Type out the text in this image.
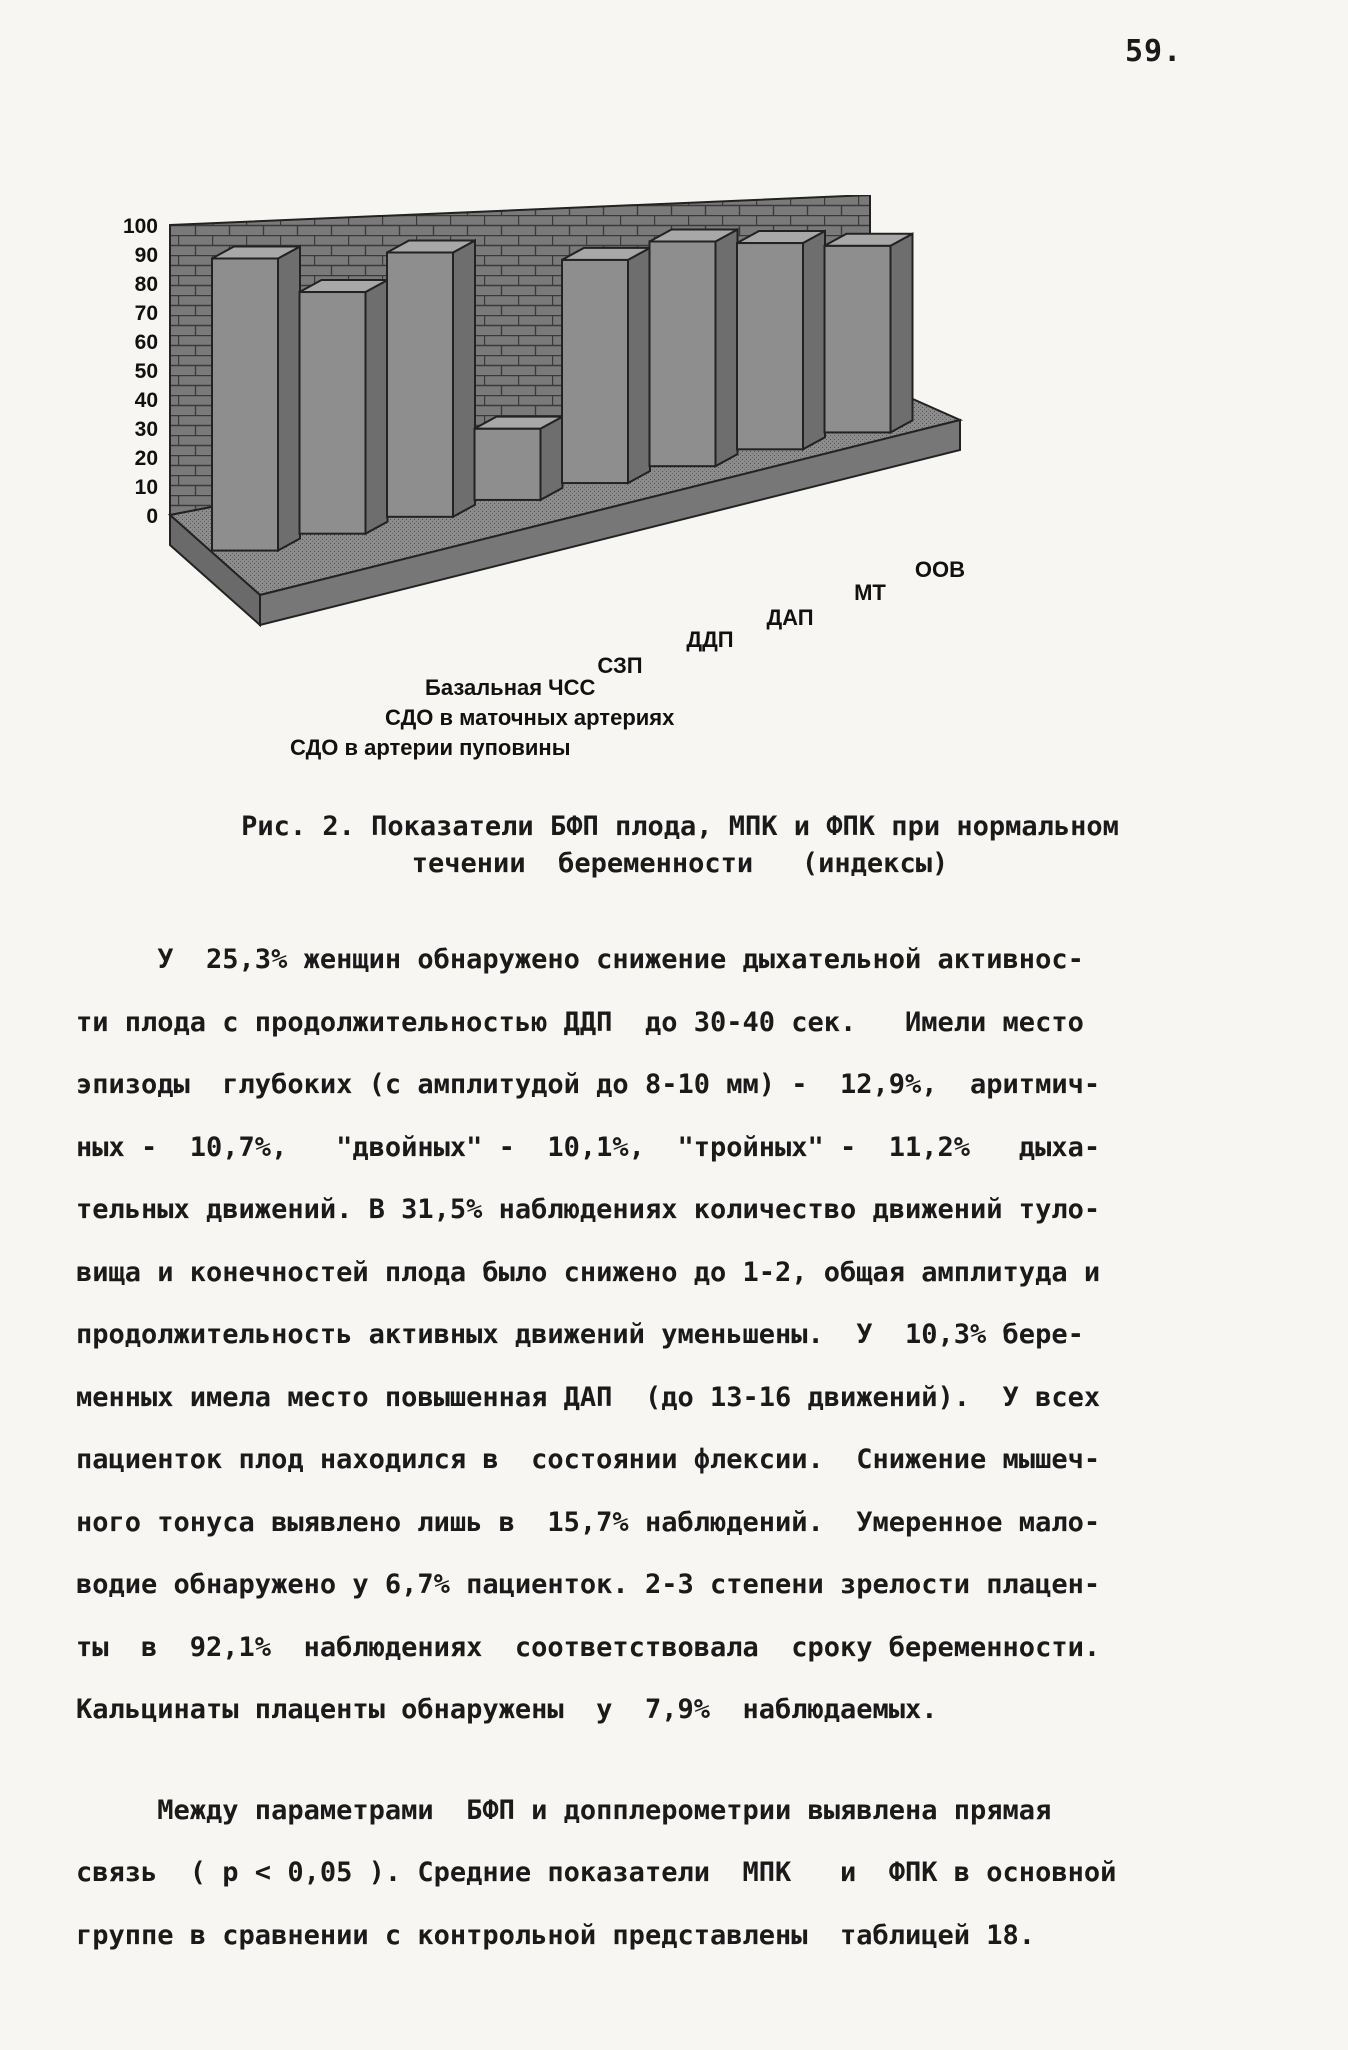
59.
100
90
80
70
60
50
40
30
20
10
0
СДО в артерии пуповины
СДО в маточных артериях
Базальная ЧСС
СЗП
ДДП
ДАП
МТ
ООВ
Рис. 2. Показатели БФП плода, МПК и ФПК при нормальном
течении  беременности   (индексы)
У  25,3% женщин обнаружено снижение дыхательной активнос-
ти плода с продолжительностью ДДП  до 30-40 сек.   Имели место
эпизоды  глубоких (с амплитудой до 8-10 мм) -  12,9%,  аритмич-
ных -  10,7%,   "двойных" -  10,1%,  "тройных" -  11,2%   дыха-
тельных движений. В 31,5% наблюдениях количество движений туло-
вища и конечностей плода было снижено до 1-2, общая амплитуда и
продолжительность активных движений уменьшены.  У  10,3% бере-
менных имела место повышенная ДАП  (до 13-16 движений).  У всех
пациенток плод находился в  состоянии флексии.  Снижение мышеч-
ного тонуса выявлено лишь в  15,7% наблюдений.  Умеренное мало-
водие обнаружено у 6,7% пациенток. 2-3 степени зрелости плацен-
ты  в  92,1%  наблюдениях  соответствовала  сроку беременности.
Кальцинаты плаценты обнаружены  у  7,9%  наблюдаемых.
Между параметрами  БФП и допплерометрии выявлена прямая
связь  ( р < 0,05 ). Средние показатели  МПК   и  ФПК в основной
группе в сравнении с контрольной представлены  таблицей 18.
